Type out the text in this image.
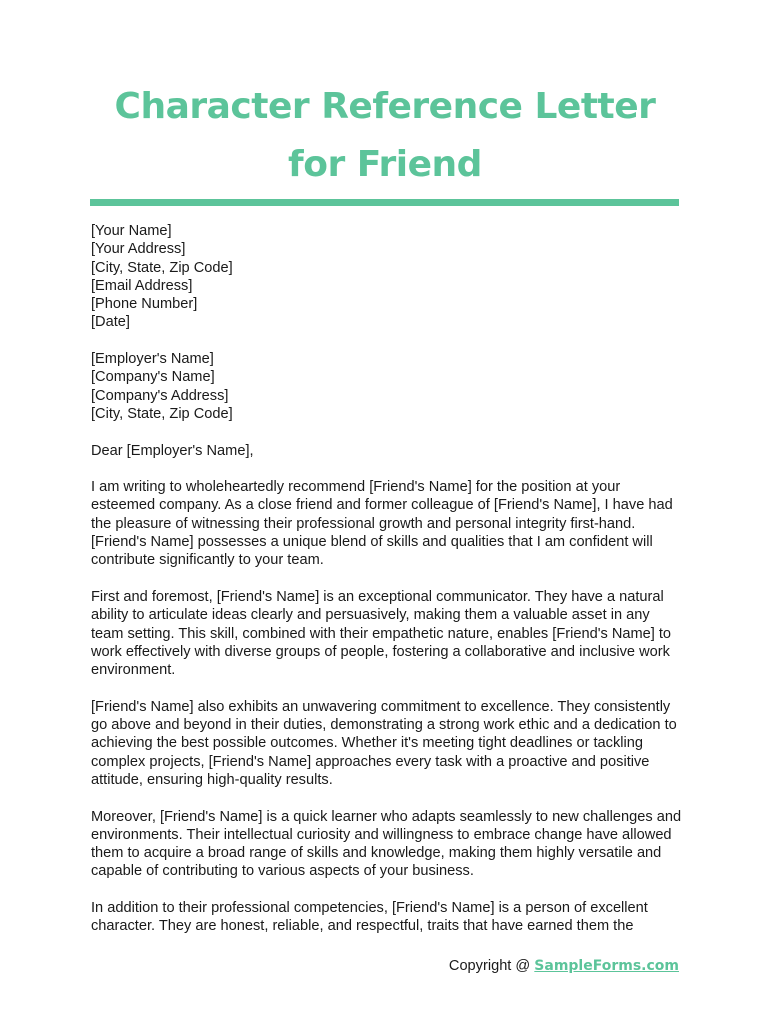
Character Reference Letter
for Friend

[Your Name]

[Your Address]

[City, State, Zip Code]

[Email Address]

[Phone Number]

[Date]

[Employer's Name]

[Company's Name]

[Company's Address]

[City, State, Zip Code]

Dear [Employer's Name],

I am writing to wholeheartedly recommend [Friend's Name] for the position at your esteemed company. As a close friend and former colleague of [Friend's Name], I have had the pleasure of witnessing their professional growth and personal integrity first-hand. [Friend's Name] possesses a unique blend of skills and qualities that I am confident will contribute significantly to your team.

First and foremost, [Friend's Name] is an exceptional communicator. They have a natural ability to articulate ideas clearly and persuasively, making them a valuable asset in any team setting. This skill, combined with their empathetic nature, enables [Friend's Name] to work effectively with diverse groups of people, fostering a collaborative and inclusive work environment.

[Friend's Name] also exhibits an unwavering commitment to excellence. They consistently go above and beyond in their duties, demonstrating a strong work ethic and a dedication to achieving the best possible outcomes. Whether it's meeting tight deadlines or tackling complex projects, [Friend's Name] approaches every task with a proactive and positive attitude, ensuring high-quality results.

Moreover, [Friend's Name] is a quick learner who adapts seamlessly to new challenges and environments. Their intellectual curiosity and willingness to embrace change have allowed them to acquire a broad range of skills and knowledge, making them highly versatile and capable of contributing to various aspects of your business.

In addition to their professional competencies, [Friend's Name] is a person of excellent character. They are honest, reliable, and respectful, traits that have earned them the

Copyright @ SampleForms.com
